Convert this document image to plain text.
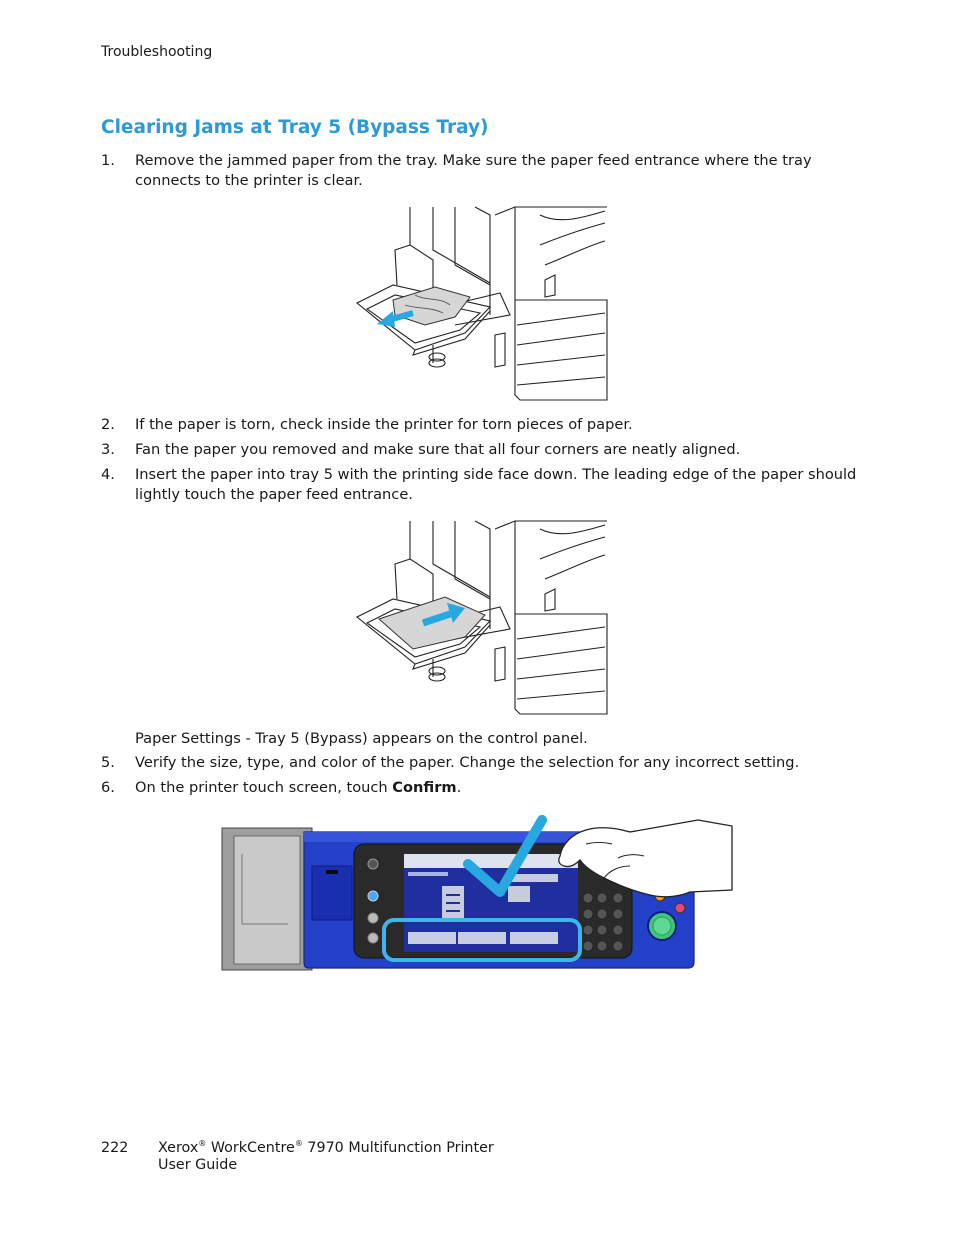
Troubleshooting
Clearing Jams at Tray 5 (Bypass Tray)
1. Remove the jammed paper from the tray. Make sure the paper feed entrance where the tray connects to the printer is clear.
2. If the paper is torn, check inside the printer for torn pieces of paper.
3. Fan the paper you removed and make sure that all four corners are neatly aligned.
4. Insert the paper into tray 5 with the printing side face down. The leading edge of the paper should lightly touch the paper feed entrance.
Paper Settings - Tray 5 (Bypass) appears on the control panel.
5. Verify the size, type, and color of the paper. Change the selection for any incorrect setting.
6. On the printer touch screen, touch Confirm.
222 Xerox® WorkCentre® 7970 Multifunction Printer
User Guide
